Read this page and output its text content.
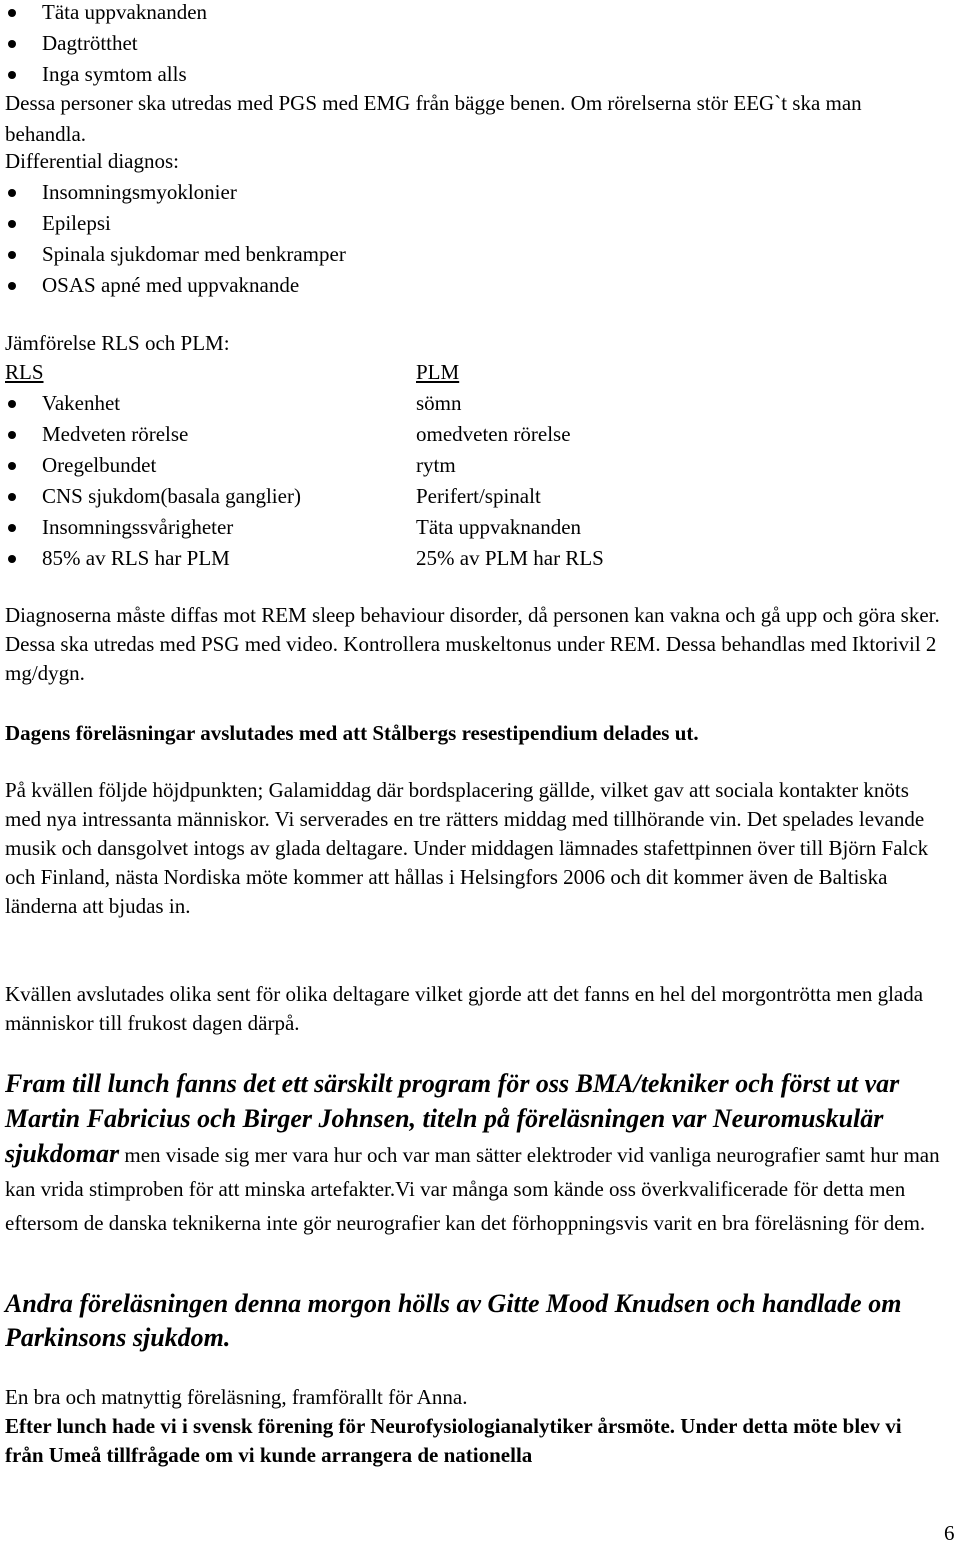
Täta uppvaknanden
Dagtrötthet
Inga symtom alls

Dessa personer ska utredas med PGS med EMG från bägge benen. Om rörelserna stör EEG`t ska man behandla.

Differential diagnos:

Insomningsmyoklonier
Epilepsi
Spinala sjukdomar med benkramper
OSAS apné med uppvaknande

Jämförelse RLS och PLM:

RLS	PLM
Vakenhet	sömn
Medveten rörelse	omedveten rörelse
Oregelbundet	rytm
CNS sjukdom(basala ganglier)	Perifert/spinalt
Insomningssvårigheter	Täta uppvaknanden
85% av RLS har PLM	25% av PLM har RLS

Diagnoserna måste diffas mot REM sleep behaviour disorder, då personen kan vakna och gå upp och göra sker. Dessa ska utredas med PSG med video. Kontrollera muskeltonus under REM. Dessa behandlas med Iktorivil 2 mg/dygn.

Dagens föreläsningar avslutades med att Stålbergs resestipendium delades ut.

På kvällen följde höjdpunkten; Galamiddag där bordsplacering gällde, vilket gav att sociala kontakter knöts med nya intressanta människor. Vi serverades en tre rätters middag med tillhörande vin. Det spelades levande musik och dansgolvet intogs av glada deltagare. Under middagen lämnades stafettpinnen över till Björn Falck och Finland, nästa Nordiska möte kommer att hållas i Helsingfors 2006 och dit kommer även de Baltiska länderna att bjudas in.

Kvällen avslutades olika sent för olika deltagare vilket gjorde att det fanns en hel del morgontrötta men glada människor till frukost dagen därpå.

Fram till lunch fanns det ett särskilt program för oss BMA/tekniker och först ut var Martin Fabricius och Birger Johnsen, titeln på föreläsningen var Neuromuskulär sjukdomar men visade sig mer vara hur och var man sätter elektroder vid vanliga neurografier samt hur man kan vrida stimproben för att minska artefakter.Vi var många som kände oss överkvalificerade för detta men eftersom de danska teknikerna inte gör neurografier kan det förhoppningsvis varit en bra föreläsning för dem.

Andra föreläsningen denna morgon hölls av Gitte Mood Knudsen och handlade om Parkinsons sjukdom.

En bra och matnyttig föreläsning, framförallt för Anna.

Efter lunch hade vi i svensk förening för Neurofysiologianalytiker årsmöte. Under detta möte blev vi från Umeå tillfrågade om vi kunde arrangera de nationella

6
